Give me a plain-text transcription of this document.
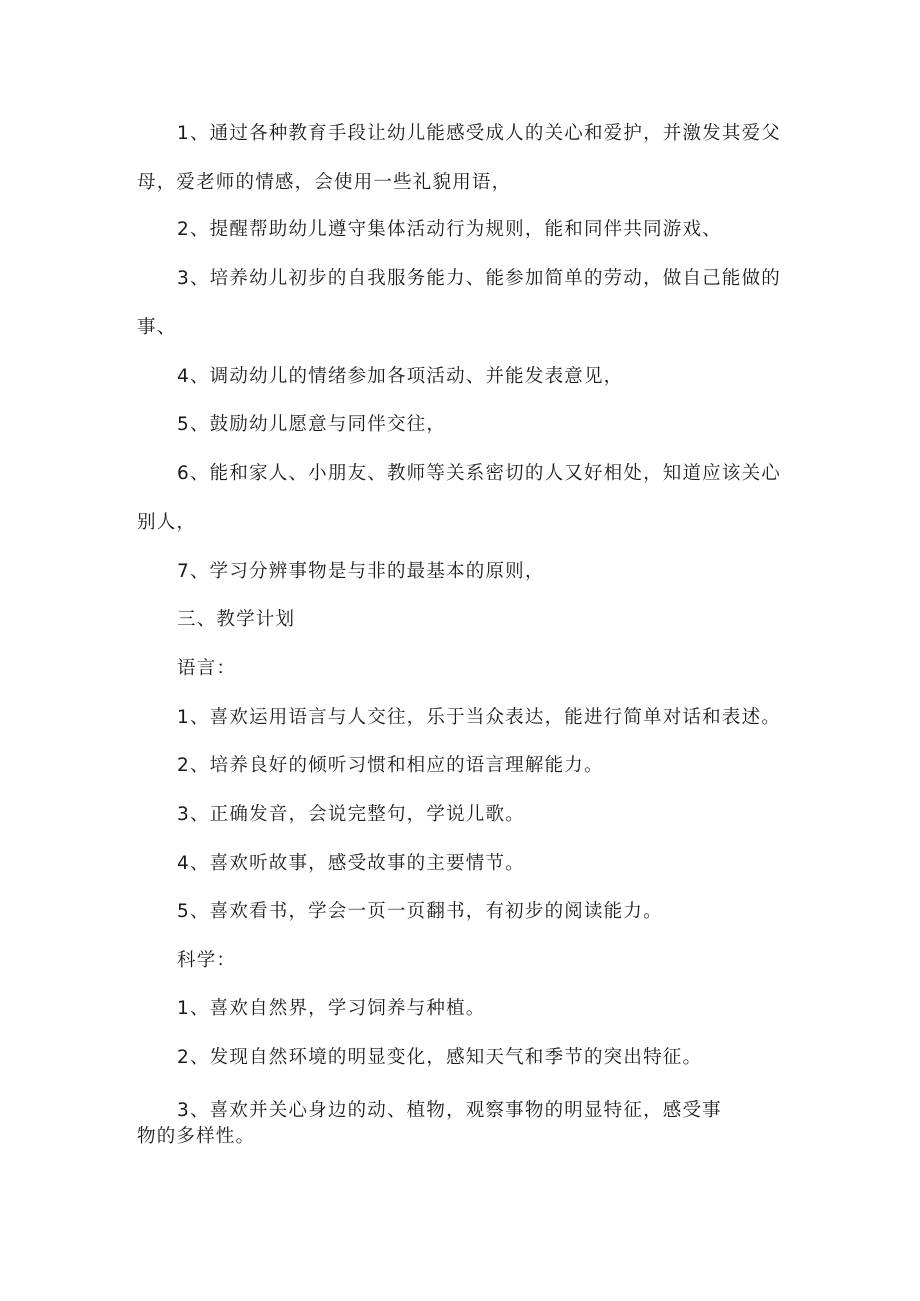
1、通过各种教育手段让幼儿能感受成人的关心和爱护，并激发其爱父
母，爱老师的情感，会使用一些礼貌用语，
2、提醒帮助幼儿遵守集体活动行为规则，能和同伴共同游戏、
3、培养幼儿初步的自我服务能力、能参加简单的劳动，做自己能做的
事、
4、调动幼儿的情绪参加各项活动、并能发表意见，
5、鼓励幼儿愿意与同伴交往，
6、能和家人、小朋友、教师等关系密切的人又好相处，知道应该关心
别人，
7、学习分辨事物是与非的最基本的原则，
三、教学计划
语言：
1、喜欢运用语言与人交往，乐于当众表达，能进行简单对话和表述。
2、培养良好的倾听习惯和相应的语言理解能力。
3、正确发音，会说完整句，学说儿歌。
4、喜欢听故事，感受故事的主要情节。
5、喜欢看书，学会一页一页翻书，有初步的阅读能力。
科学：
1、喜欢自然界，学习饲养与种植。
2、发现自然环境的明显变化，感知天气和季节的突出特征。
3、喜欢并关心身边的动、植物，观察事物的明显特征，感受事
物的多样性。
